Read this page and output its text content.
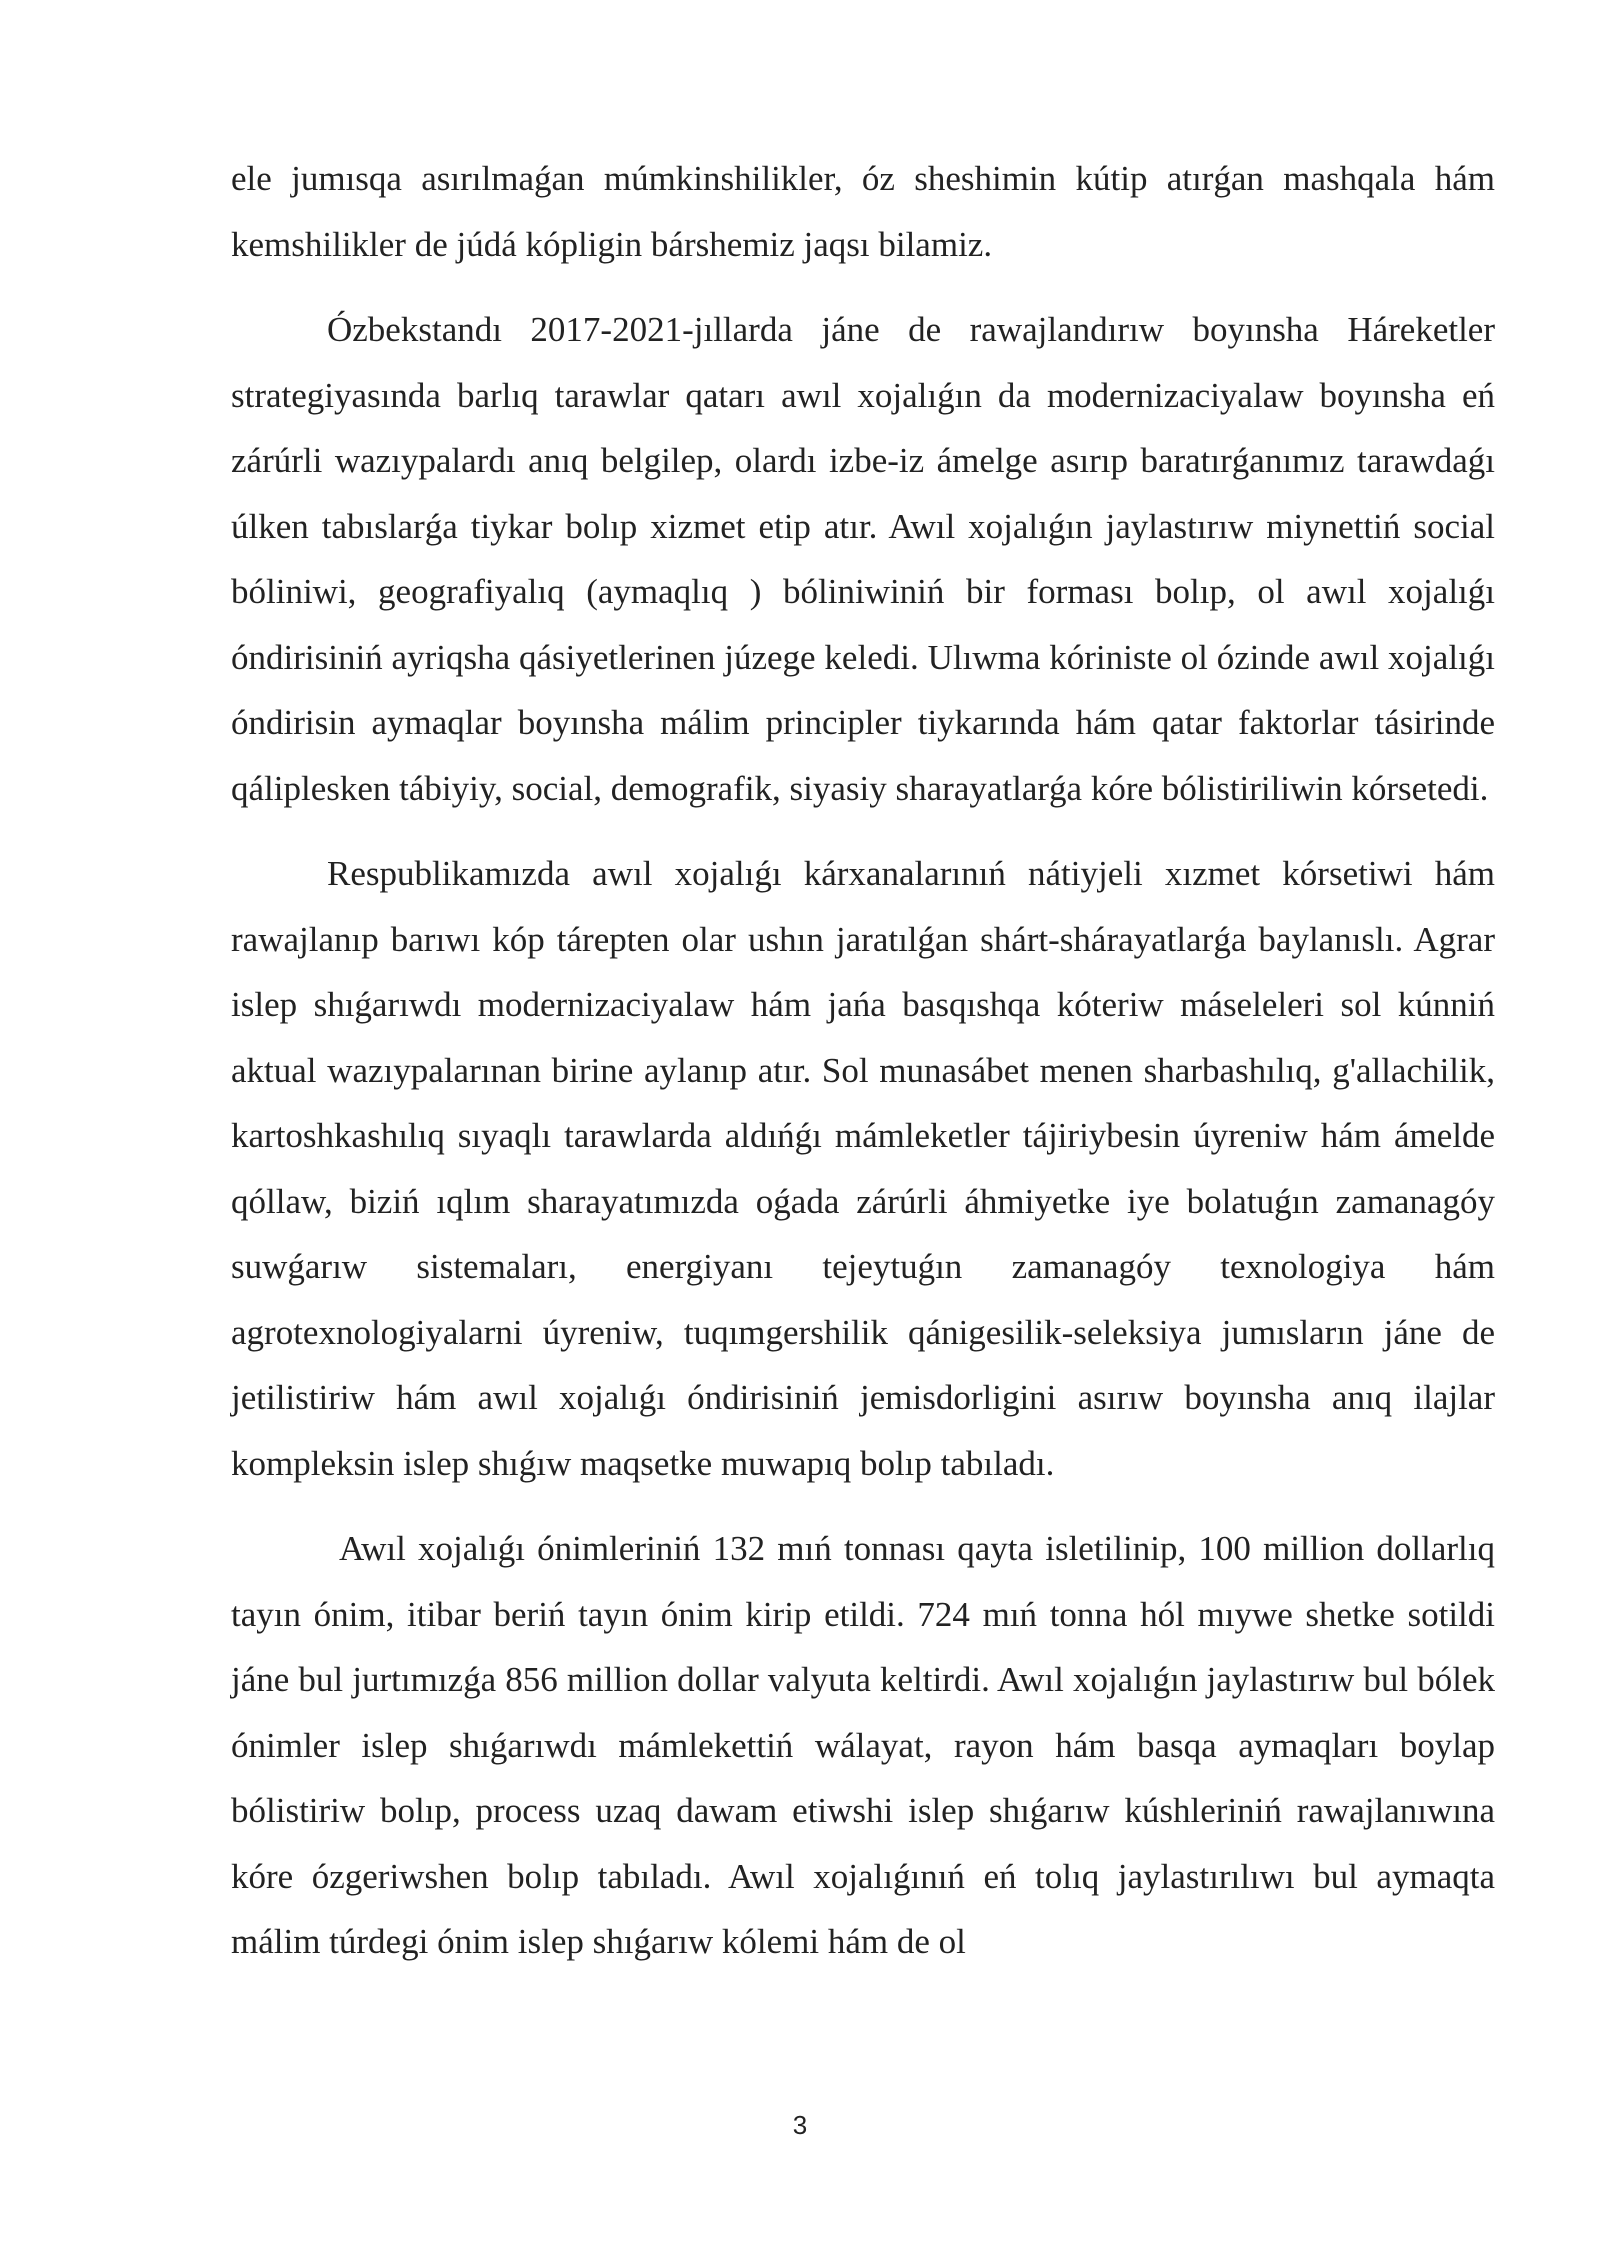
ele jumısqa asırılmaǵan múmkinshilikler, óz sheshimin kútip atırǵan mashqala hám kemshilikler de júdá kópligin bárshemiz jaqsı bilamiz.

Ózbekstandı 2017-2021-jıllarda jáne de rawajlandırıw boyınsha Háreketler strategiyasında barlıq tarawlar qatarı awıl xojalıǵın da modernizaciyalaw boyınsha eń zárúrli wazıypalardı anıq belgilep, olardı izbe-iz ámelge asırıp baratırǵanımız tarawdaǵı úlken tabıslarǵa tiykar bolıp xizmet etip atır. Awıl xojalıǵın jaylastırıw miynettiń social bóliniwi, geografiyalıq (aymaqlıq ) bóliniwiniń bir forması bolıp, ol awıl xojalıǵı óndirisiniń ayriqsha qásiyetlerinen júzege keledi. Ulıwma kóriniste ol ózinde awıl xojalıǵı óndirisin aymaqlar boyınsha málim principler tiykarında hám qatar faktorlar tásirinde qáliplesken tábiyiy, social, demografik, siyasiy sharayatlarǵa kóre bólistiriliwin kórsetedi.

Respublikamızda awıl xojalıǵı kárxanalarınıń nátiyjeli xızmet kórsetiwi hám rawajlanıp barıwı kóp tárepten olar ushın jaratılǵan shárt-shárayatlarǵa baylanıslı. Agrar islep shıǵarıwdı modernizaciyalaw hám jańa basqıshqa kóteriw máseleleri sol kúnniń aktual wazıypalarınan birine aylanıp atır. Sol munasábet menen sharbashılıq, g'allachilik, kartoshkashılıq sıyaqlı tarawlarda aldıńǵı mámleketler tájiriybesin úyreniw hám ámelde qóllaw, biziń ıqlım sharayatımızda oǵada zárúrli áhmiyetke iye bolatuǵın zamanagóy suwǵarıw sistemaları, energiyanı tejeytuǵın zamanagóy texnologiya hám agrotexnologiyalarni úyreniw, tuqımgershilik qánigesilik-seleksiya jumısların jáne de jetilistiriw hám awıl xojalıǵı óndirisiniń jemisdorligini asırıw boyınsha anıq ilajlar kompleksin islep shıǵıw maqsetke muwapıq bolıp tabıladı.

Awıl xojalıǵı ónimleriniń 132 mıń tonnası qayta isletilinip, 100 million dollarlıq tayın ónim, itibar beriń tayın ónim kirip etildi. 724 mıń tonna hól mıywe shetke sotildi jáne bul jurtımızǵa 856 million dollar valyuta keltirdi. Awıl xojalıǵın jaylastırıw bul bólek ónimler islep shıǵarıwdı mámlekettiń wálayat, rayon hám basqa aymaqları boylap bólistiriw bolıp, process uzaq dawam etiwshi islep shıǵarıw kúshleriniń rawajlanıwına kóre ózgeriwshen bolıp tabıladı. Awıl xojalıǵınıń eń tolıq jaylastırılıwı bul aymaqta málim túrdegi ónim islep shıǵarıw kólemi hám de ol

3
